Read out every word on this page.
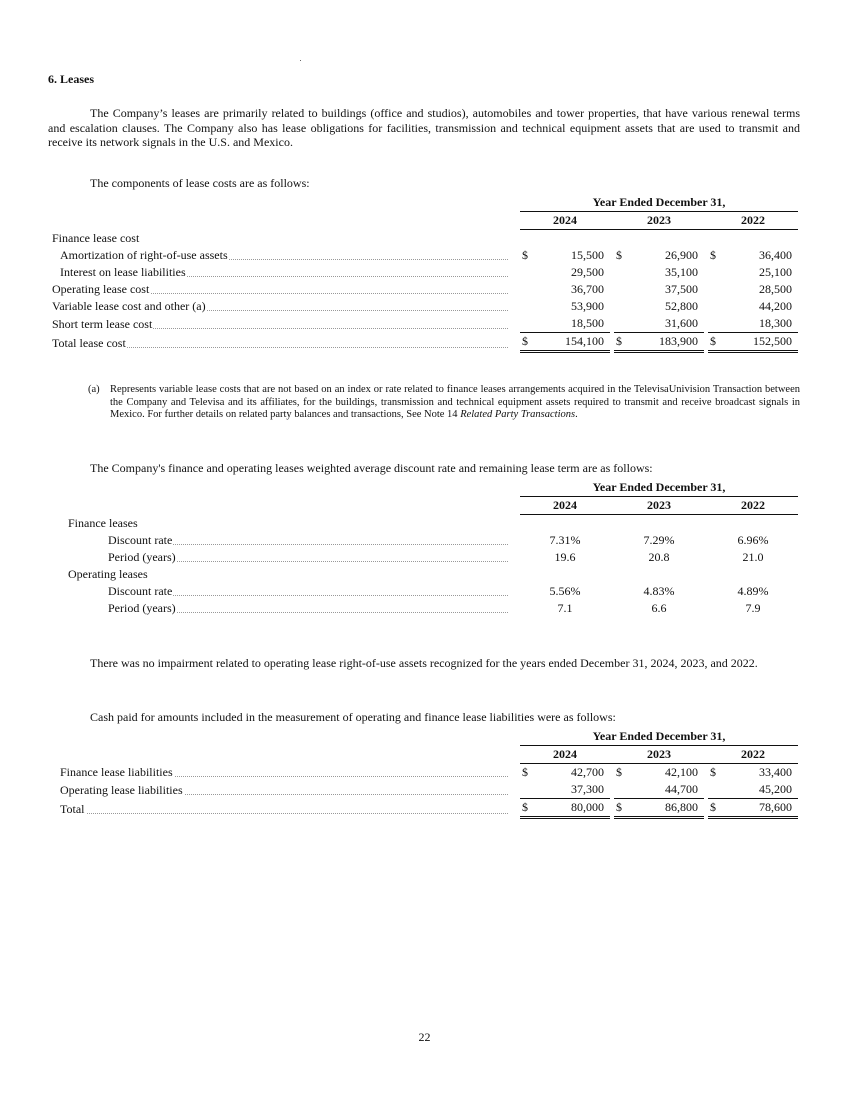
6. Leases
The Company’s leases are primarily related to buildings (office and studios), automobiles and tower properties, that have various renewal terms and escalation clauses. The Company also has lease obligations for facilities, transmission and technical equipment assets that are used to transmit and receive its network signals in the U.S. and Mexico.
The components of lease costs are as follows:
		Year Ended December 31,							
		2024			2023			2022	
Finance lease cost									

Amortization of right-of-use assets		$	15,500		$	26,900		$	36,400

Interest on lease liabilities			29,500			35,100			25,100

Operating lease cost			36,700			37,500			28,500

Variable lease cost and other (a)			53,900			52,800			44,200

Short term lease cost			18,500			31,600			18,300

Total lease cost		$	154,100		$	183,900		$	152,500
(a) Represents variable lease costs that are not based on an index or rate related to finance leases arrangements acquired in the TelevisaUnivision Transaction between the Company and Televisa and its affiliates, for the buildings, transmission and technical equipment assets required to transmit and receive broadcast signals in Mexico. For further details on related party balances and transactions, See Note 14 Related Party Transactions.
The Company's finance and operating leases weighted average discount rate and remaining lease term are as follows:
		Year Ended December 31,				
		2024		2023		2022
Finance leases						

Discount rate		7.31%		7.29%		6.96%

Period (years)		19.6		20.8		21.0
Operating leases						

Discount rate		5.56%		4.83%		4.89%

Period (years)		7.1		6.6		7.9
There was no impairment related to operating lease right-of-use assets recognized for the years ended December 31, 2024, 2023, and 2022.
Cash paid for amounts included in the measurement of operating and finance lease liabilities were as follows:
		Year Ended December 31,							
		2024			2023			2022	

Finance lease liabilities		$	42,700		$	42,100		$	33,400

Operating lease liabilities			37,300			44,700			45,200

Total		$	80,000		$	86,800		$	78,600
22
